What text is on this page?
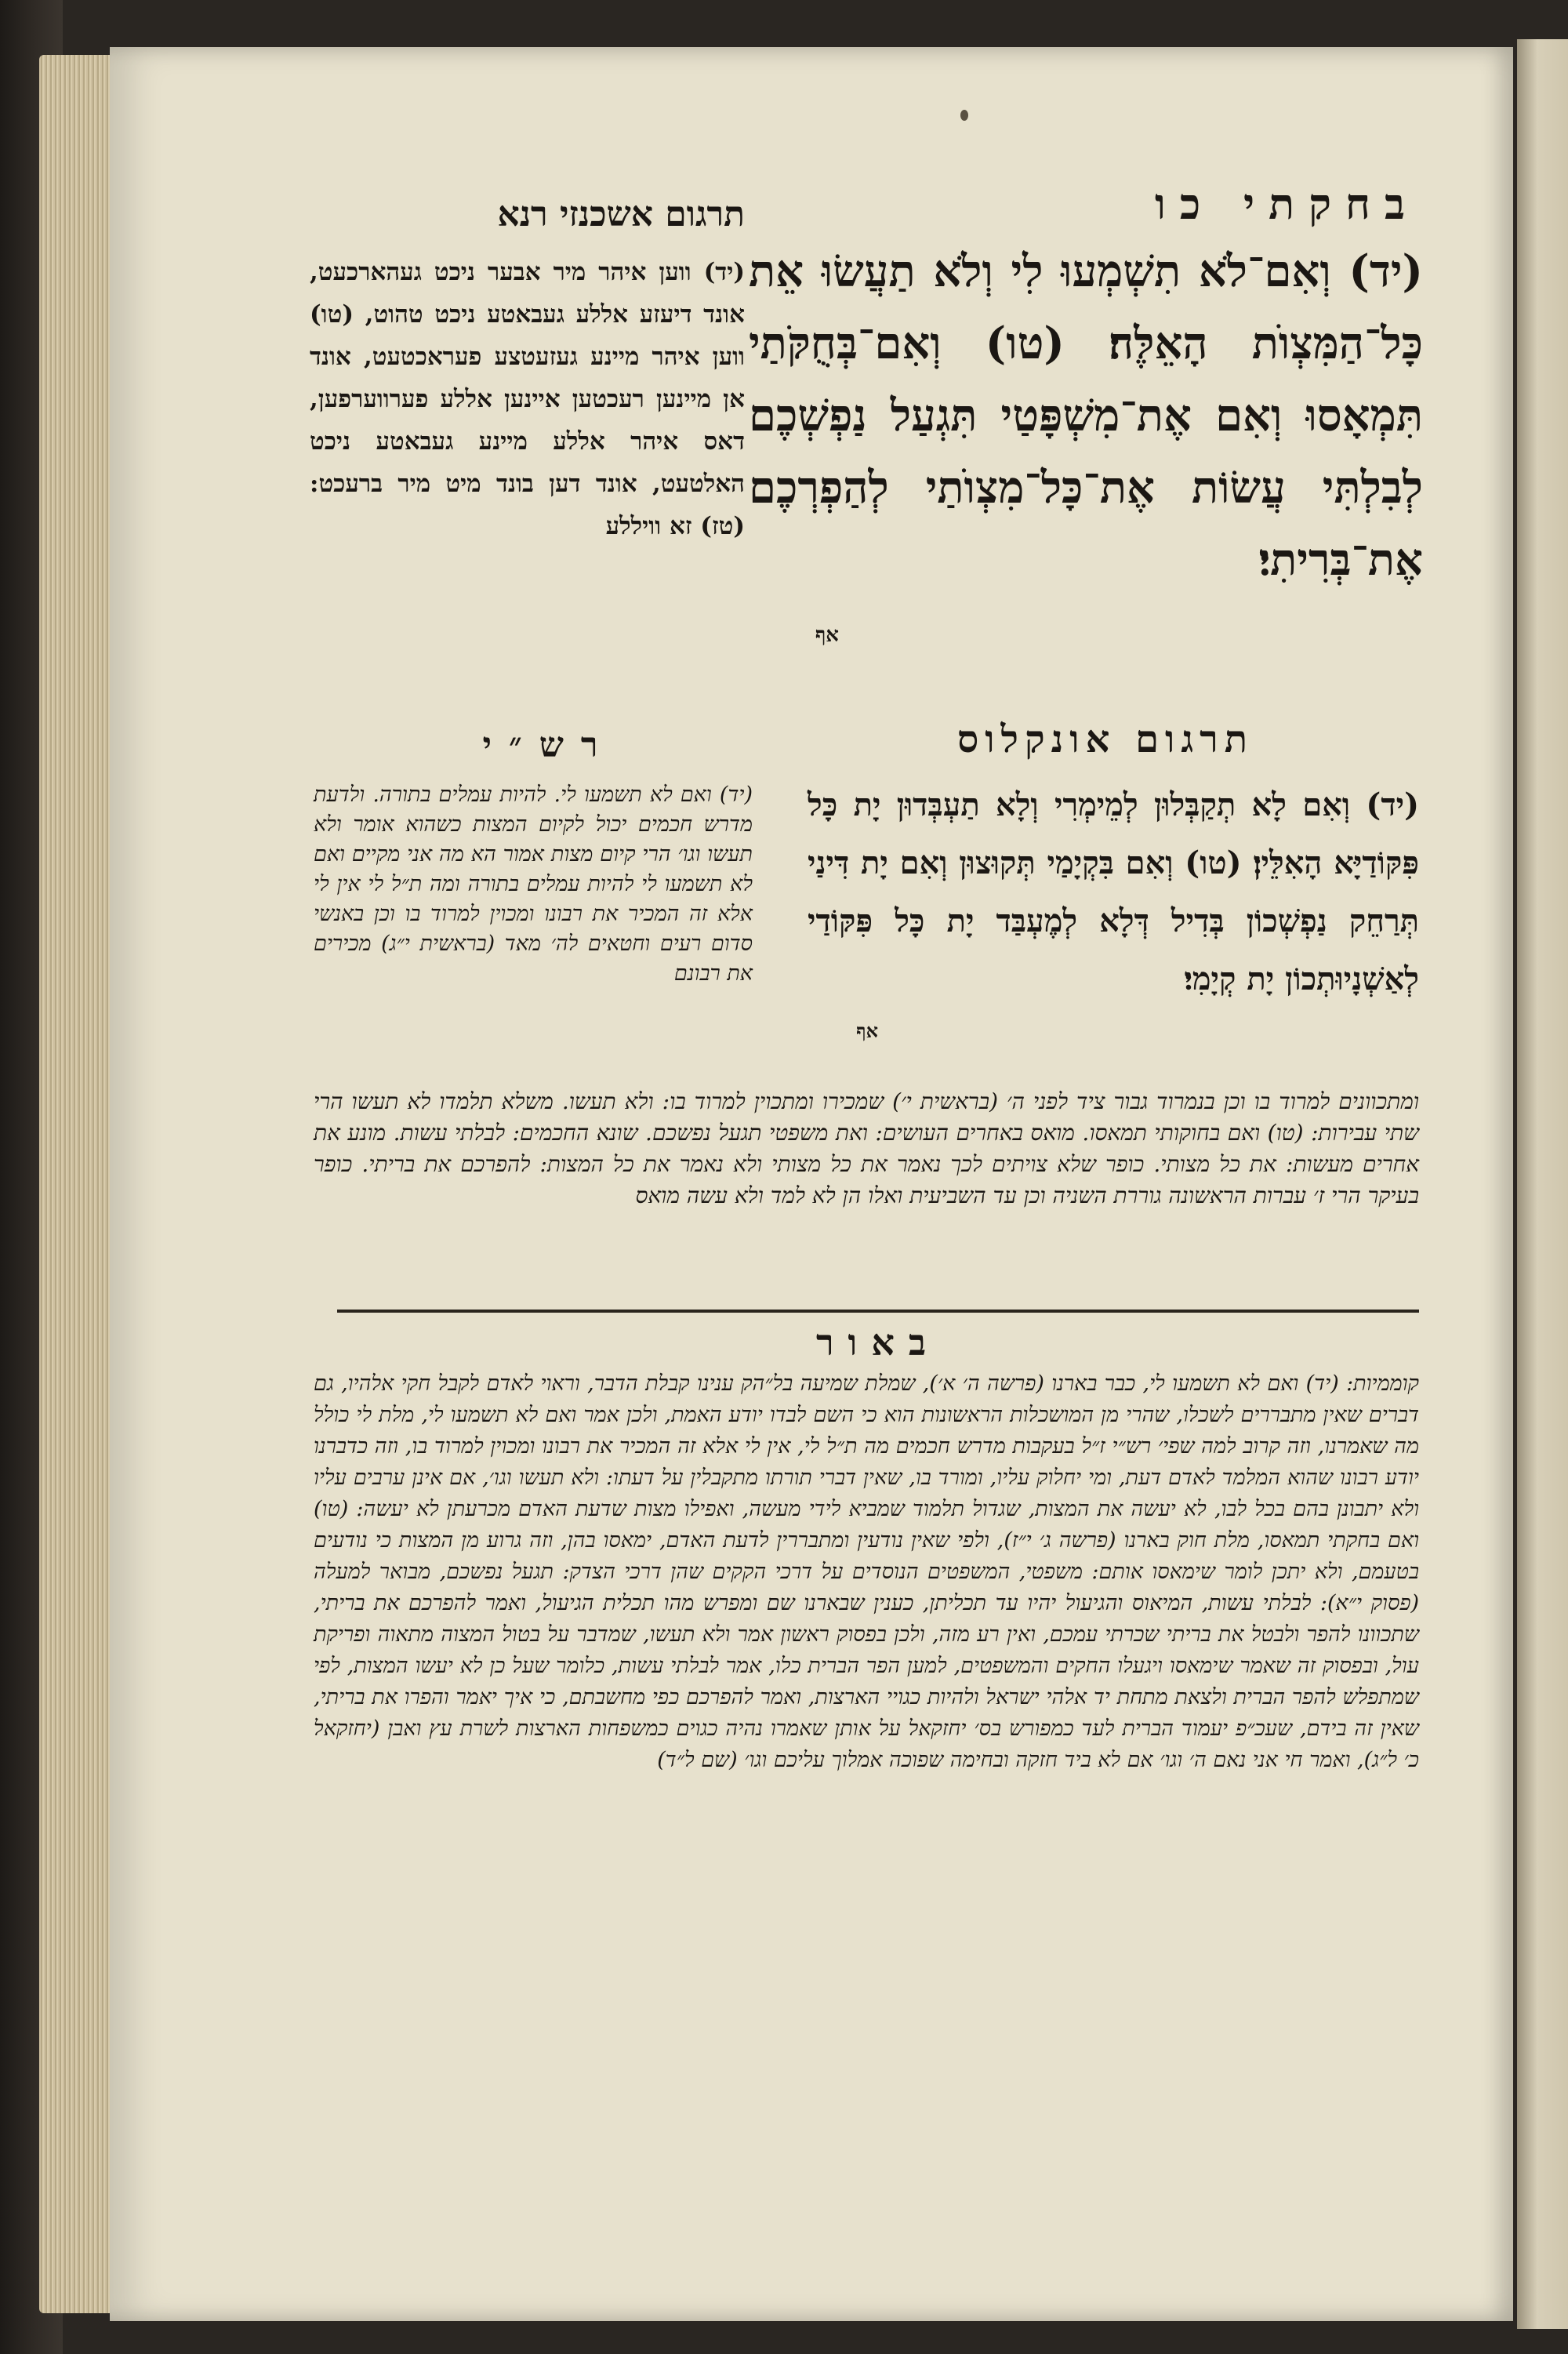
בחקתי כו
תרגום אשכנזי רנא
(יד) וְאִם־לֹא תִשְׁמְעוּ לִי וְלֹא תַעֲשׂוּ אֵת כָּל־הַמִּצְוֺת הָאֵלֶּה׃ (טו) וְאִם־בְּחֻקֹּתַי תִּמְאָסוּ וְאִם אֶת־מִשְׁפָּטַי תִּגְעַל נַפְשְׁכֶם לְבִלְתִּי עֲשׂוֹת אֶת־כָּל־מִצְוֺתַי לְהַפְרְכֶם אֶת־בְּרִיתִי׃
אף
(יד) ווען איהר מיר אבער ניכט געהארכעט, אונד דיעזע אללע געבאטע ניכט טהוט, (טו) ווען איהר מיינע געזעטצע פעראכטעט, אונד אן מיינען רעכטען איינען אללע פערווערפען, דאס איהר אללע מיינע געבאטע ניכט האלטעט, אונד דען בונד מיט מיר ברעכט: (טז) זא וויללע
תרגום אונקלוס
(יד) וְאִם לָא תְקַבְּלוּן לְמֵימְרִי וְלָא תַעְבְּדוּן יָת כָּל פִּקּוֹדַיָּא הָאִלֵּין׃ (טו) וְאִם בִּקְיָמַי תְּקוּצוּן וְאִם יָת דִּינַי תְּרַחֵק נַפְשְׁכוֹן בְּדִיל דְּלָא לְמֶעְבַּד יָת כָּל פִּקּוֹדַי לְאַשְׁנָיוּתְכוֹן יָת קְיָמִי׃
אף
רש״י
(יד) ואם לא תשמעו לי. להיות עמלים בתורה. ולדעת מדרש חכמים יכול לקיום המצות כשהוא אומר ולא תעשו וגו׳ הרי קיום מצות אמור הא מה אני מקיים ואם לא תשמעו לי להיות עמלים בתורה ומה ת״ל לי אין לי אלא זה המכיר את רבונו ומכוין למרוד בו וכן באנשי סדום רעים וחטאים לה׳ מאד (בראשית י״ג) מכירים את רבונם
ומתכוונים למרוד בו וכן בנמרוד גבור ציד לפני ה׳ (בראשית י׳) שמכירו ומתכוין למרוד בו: ולא תעשו. משלא תלמדו לא תעשו הרי שתי עבירות: (טו) ואם בחוקותי תמאסו. מואס באחרים העושים: ואת משפטי תגעל נפשכם. שונא החכמים: לבלתי עשות. מונע את אחרים מעשות: את כל מצותי. כופר שלא צויתים לכך נאמר את כל מצותי ולא נאמר את כל המצות: להפרכם את בריתי. כופר בעיקר הרי ז׳ עברות הראשונה גוררת השניה וכן עד השביעית ואלו הן לא למד ולא עשה מואס
באור
קוממיות: (יד) ואם לא תשמעו לי, כבר בארנו (פרשה ה׳ א׳), שמלת שמיעה בל״הק ענינו קבלת הדבר, וראוי לאדם לקבל חקי אלהיו, גם דברים שאין מתבררים לשכלו, שהרי מן המושכלות הראשונות הוא כי השם לבדו יודע האמת, ולכן אמר ואם לא תשמעו לי, מלת לי כולל מה שאמרנו, וזה קרוב למה שפי׳ רש״י ז״ל בעקבות מדרש חכמים מה ת״ל לי, אין לי אלא זה המכיר את רבונו ומכוין למרוד בו, וזה כדברנו יודע רבונו שהוא המלמד לאדם דעת, ומי יחלוק עליו, ומורד בו, שאין דברי תורתו מתקבלין על דעתו: ולא תעשו וגו׳, אם אינן ערבים עליו ולא יתבונן בהם בכל לבו, לא יעשה את המצות, שגדול תלמוד שמביא לידי מעשה, ואפילו מצות שדעת האדם מכרעתן לא יעשה: (טו) ואם בחקתי תמאסו, מלת חוק בארנו (פרשה ג׳ י״ז), ולפי שאין נודעין ומתבררין לדעת האדם, ימאסו בהן, וזה גרוע מן המצות כי נודעים בטעמם, ולא יתכן לומר שימאסו אותם: משפטי, המשפטים הנוסדים על דרכי הקקים שהן דרכי הצדק: תגעל נפשכם, מבואר למעלה (פסוק י״א): לבלתי עשות, המיאוס והגיעול יהיו עד תכליתן, כענין שבארנו שם ומפרש מהו תכלית הגיעול, ואמר להפרכם את בריתי, שתכוונו להפר ולבטל את בריתי שכרתי עמכם, ואין רע מזה, ולכן בפסוק ראשון אמר ולא תעשו, שמדבר על בטול המצוה מתאוה ופריקת עול, ובפסוק זה שאמר שימאסו ויגעלו החקים והמשפטים, למען הפר הברית כלו, אמר לבלתי עשות, כלומר שעל כן לא יעשו המצות, לפי שמתפלש להפר הברית ולצאת מתחת יד אלהי ישראל ולהיות כגויי הארצות, ואמר להפרכם כפי מחשבתם, כי איך יאמר והפרו את בריתי, שאין זה בידם, שעכ״פ יעמוד הברית לעד כמפורש בס׳ יחזקאל על אותן שאמרו נהיה כגוים כמשפחות הארצות לשרת עץ ואבן (יחזקאל כ׳ ל״ג), ואמר חי אני נאם ה׳ וגו׳ אם לא ביד חזקה ובחימה שפוכה אמלוך עליכם וגו׳ (שם ל״ד)
